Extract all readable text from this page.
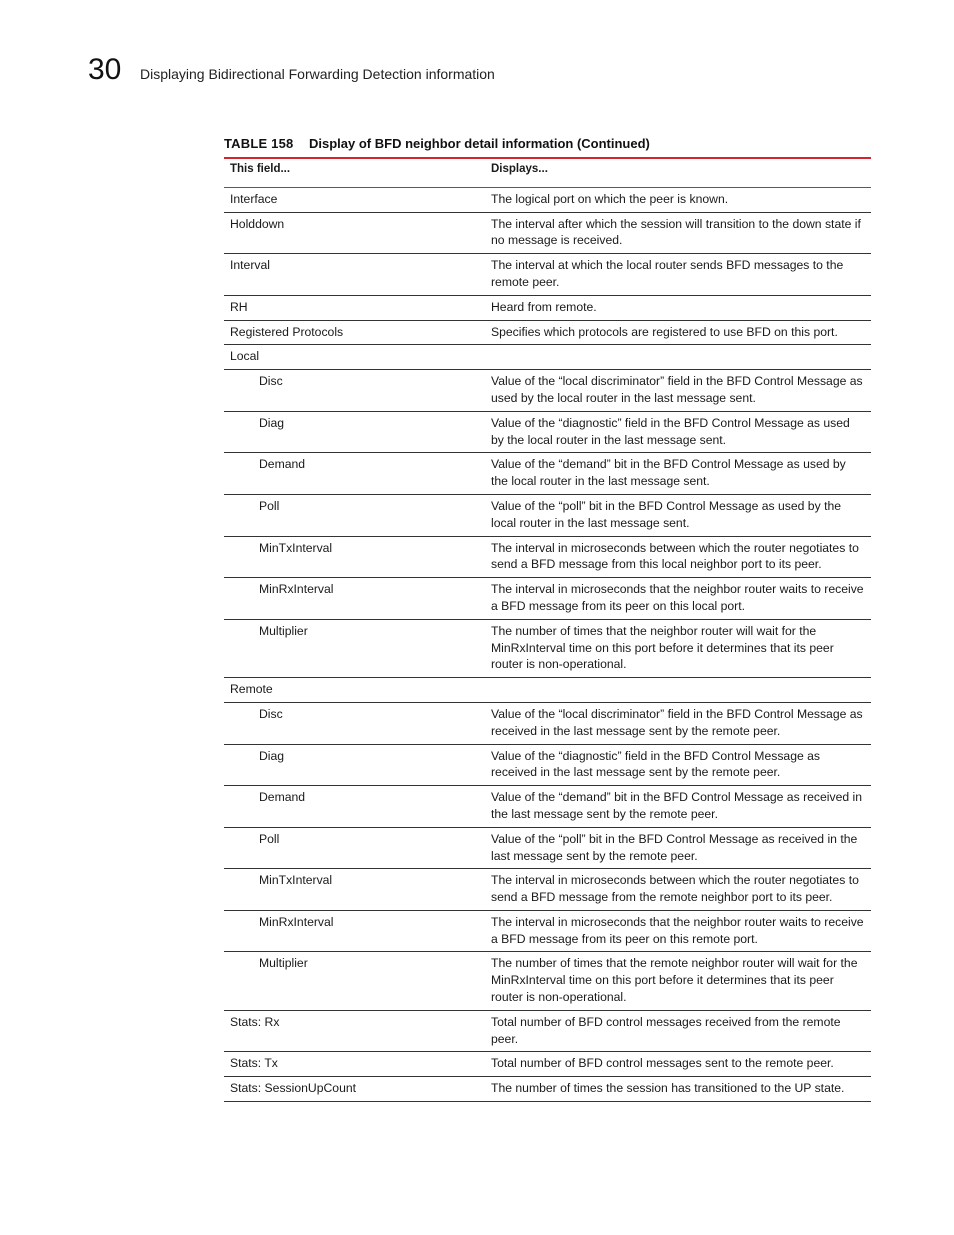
30 Displaying Bidirectional Forwarding Detection information
TABLE 158 Display of BFD neighbor detail information (Continued)
This field...	Displays...
Interface	The logical port on which the peer is known.
Holddown	The interval after which the session will transition to the down state if no message is received.
Interval	The interval at which the local router sends BFD messages to the remote peer.
RH	Heard from remote.
Registered Protocols	Specifies which protocols are registered to use BFD on this port.
Local	
Disc	Value of the “local discriminator” field in the BFD Control Message as used by the local router in the last message sent.
Diag	Value of the “diagnostic” field in the BFD Control Message as used by the local router in the last message sent.
Demand	Value of the “demand” bit in the BFD Control Message as used by the local router in the last message sent.
Poll	Value of the “poll” bit in the BFD Control Message as used by the local router in the last message sent.
MinTxInterval	The interval in microseconds between which the router negotiates to send a BFD message from this local neighbor port to its peer.
MinRxInterval	The interval in microseconds that the neighbor router waits to receive a BFD message from its peer on this local port.
Multiplier	The number of times that the neighbor router will wait for the MinRxInterval time on this port before it determines that its peer router is non-operational.
Remote	
Disc	Value of the “local discriminator” field in the BFD Control Message as received in the last message sent by the remote peer.
Diag	Value of the “diagnostic” field in the BFD Control Message as received in the last message sent by the remote peer.
Demand	Value of the “demand” bit in the BFD Control Message as received in the last message sent by the remote peer.
Poll	Value of the “poll” bit in the BFD Control Message as received in the last message sent by the remote peer.
MinTxInterval	The interval in microseconds between which the router negotiates to send a BFD message from the remote neighbor port to its peer.
MinRxInterval	The interval in microseconds that the neighbor router waits to receive a BFD message from its peer on this remote port.
Multiplier	The number of times that the remote neighbor router will wait for the MinRxInterval time on this port before it determines that its peer router is non-operational.
Stats: Rx	Total number of BFD control messages received from the remote peer.
Stats: Tx	Total number of BFD control messages sent to the remote peer.
Stats: SessionUpCount	The number of times the session has transitioned to the UP state.
